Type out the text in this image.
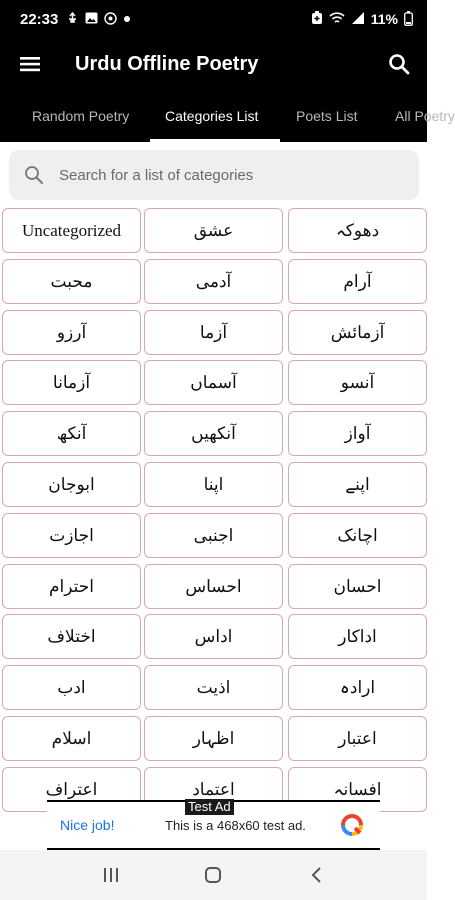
22:33	11%
Urdu Offline Poetry
Random Poetry	Categories List	Poets List	All Poetry
Search for a list of categories
Uncategorized	عشق	دھوکہ
محبت	آدمی	آرام
آرزو	آزما	آزمائش
آزمانا	آسماں	آنسو
آنکھ	آنکھیں	آواز
ابوجان	اپنا	اپنے
اجازت	اجنبی	اچانک
احترام	احساس	احسان
اختلاف	اداس	اداکار
ادب	اذیت	ارادہ
اسلام	اظہار	اعتبار
اعتراف	اعتماد	افسانہ
Test Ad
Nice job!	This is a 468x60 test ad.
